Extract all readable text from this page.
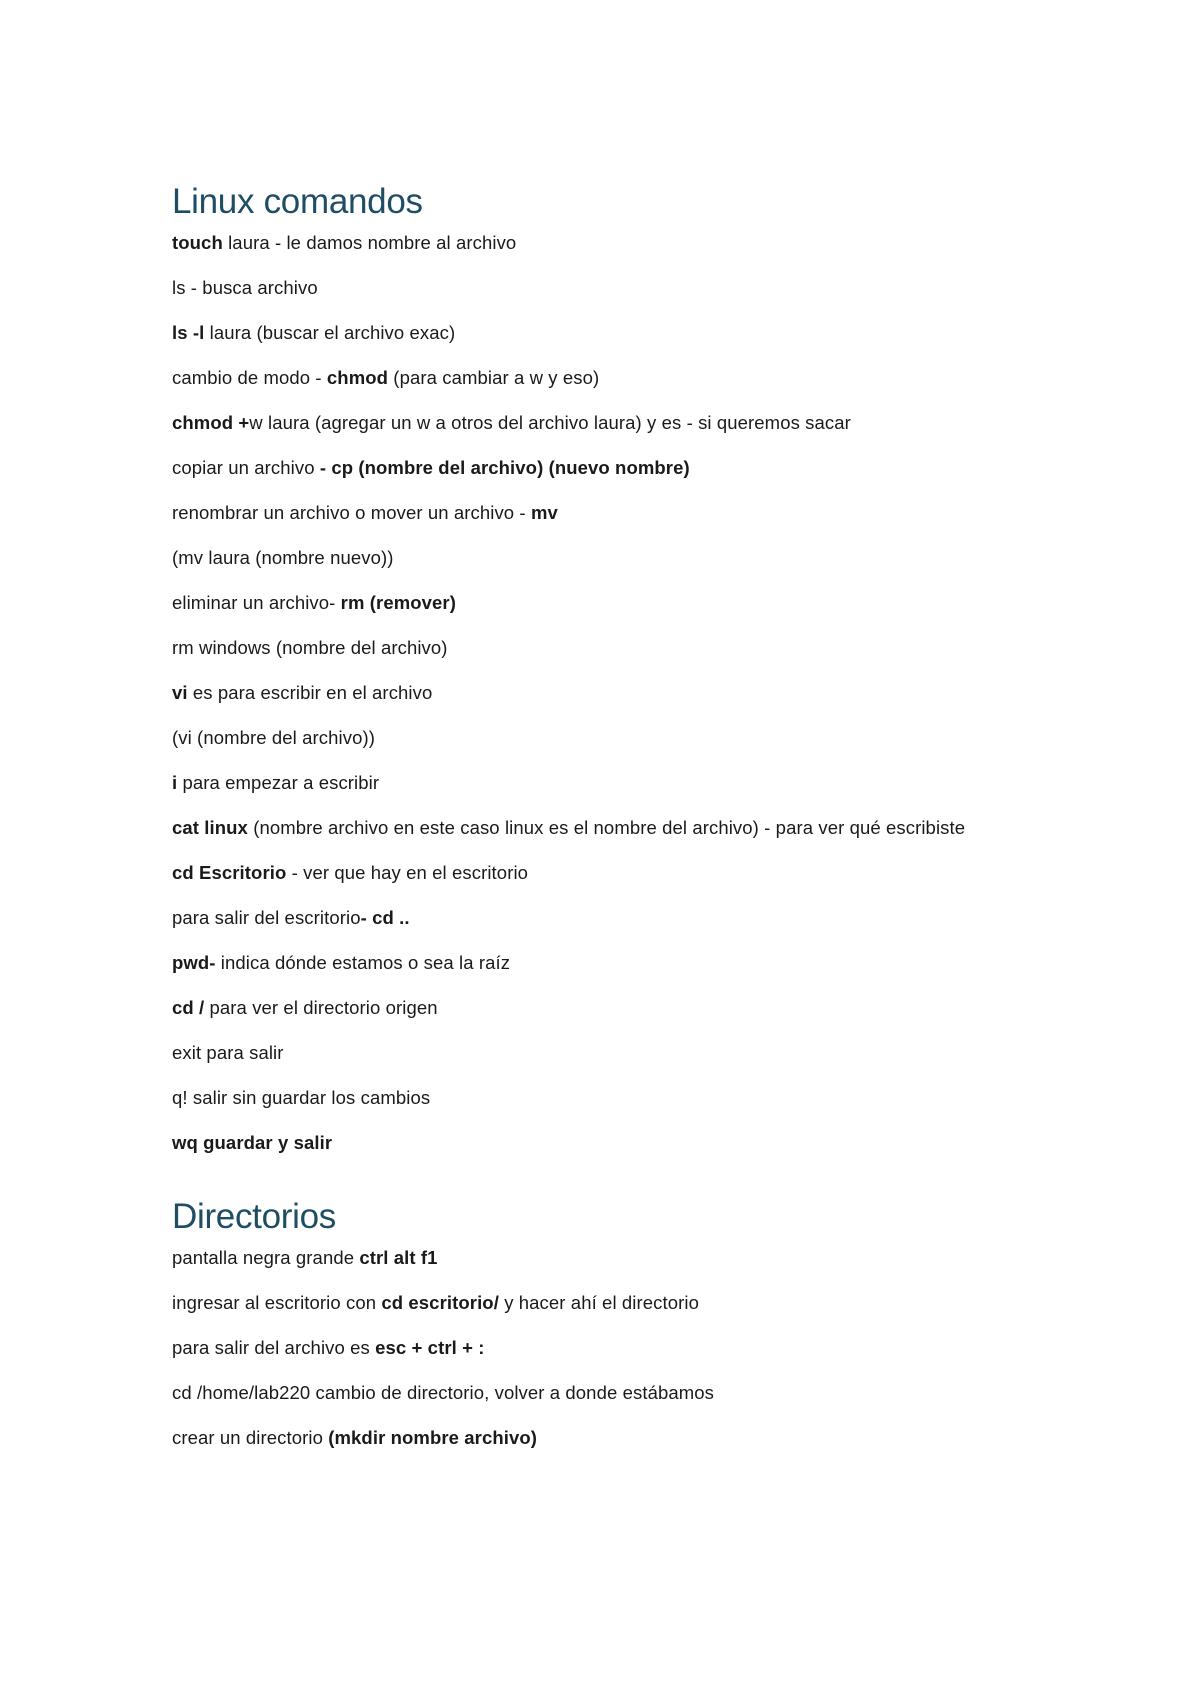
Linux comandos

touch laura - le damos nombre al archivo

ls - busca archivo

ls -l laura (buscar el archivo exac)

cambio de modo - chmod (para cambiar a w y eso)

chmod +w laura (agregar un w a otros del archivo laura) y es - si queremos sacar

copiar un archivo - cp (nombre del archivo) (nuevo nombre)

renombrar un archivo o mover un archivo - mv

(mv laura (nombre nuevo))

eliminar un archivo- rm (remover)

rm windows (nombre del archivo)

vi es para escribir en el archivo

(vi (nombre del archivo))

i para empezar a escribir

cat linux (nombre archivo en este caso linux es el nombre del archivo) - para ver qué escribiste

cd Escritorio - ver que hay en el escritorio

para salir del escritorio- cd ..

pwd- indica dónde estamos o sea la raíz

cd / para ver el directorio origen

exit para salir

q! salir sin guardar los cambios

wq guardar y salir

Directorios

pantalla negra grande ctrl alt f1

ingresar al escritorio con cd escritorio/ y hacer ahí el directorio

para salir del archivo es esc + ctrl + :

cd /home/lab220 cambio de directorio, volver a donde estábamos

crear un directorio (mkdir nombre archivo)
